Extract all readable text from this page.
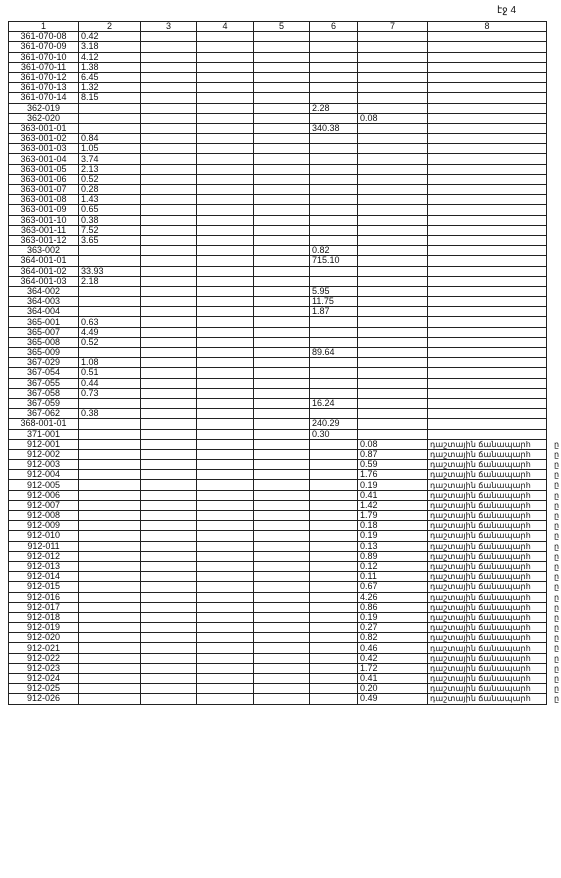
էջ 4
1	2	3	4	5	6	7	8
361-070-08	0.42						
361-070-09	3.18						
361-070-10	4.12						
361-070-11	1.38						
361-070-12	6.45						
361-070-13	1.32						
361-070-14	8.15						
362-019					2.28		
362-020						0.08	
363-001-01					340.38		
363-001-02	0.84						
363-001-03	1.05						
363-001-04	3.74						
363-001-05	2.13						
363-001-06	0.52						
363-001-07	0.28						
363-001-08	1.43						
363-001-09	0.65						
363-001-10	0.38						
363-001-11	7.52						
363-001-12	3.65						
363-002					0.82		
364-001-01					715.10		
364-001-02	33.93						
364-001-03	2.18						
364-002					5.95		
364-003					11.75		
364-004					1.87		
365-001	0.63						
365-007	4.49						
365-008	0.52						
365-009					89.64		
367-029	1.08						
367-054	0.51						
367-055	0.44						
367-058	0.73						
367-059					16.24		
367-062	0.38						
368-001-01					240.29		
371-001					0.30		
912-001						0.08	դաշտային ճանապարհ ը

912-002						0.87	դաշտային ճանապարհ ը

912-003						0.59	դաշտային ճանապարհ ը

912-004						1.76	դաշտային ճանապարհ ը

912-005						0.19	դաշտային ճանապարհ ը

912-006						0.41	դաշտային ճանապարհ ը

912-007						1.42	դաշտային ճանապարհ ը

912-008						1.79	դաշտային ճանապարհ ը

912-009						0.18	դաշտային ճանապարհ ը

912-010						0.19	դաշտային ճանապարհ ը

912-011						0.13	դաշտային ճանապարհ ը

912-012						0.89	դաշտային ճանապարհ ը

912-013						0.12	դաշտային ճանապարհ ը

912-014						0.11	դաշտային ճանապարհ ը

912-015						0.67	դաշտային ճանապարհ ը

912-016						4.26	դաշտային ճանապարհ ը

912-017						0.86	դաշտային ճանապարհ ը

912-018						0.19	դաշտային ճանապարհ ը

912-019						0.27	դաշտային ճանապարհ ը

912-020						0.82	դաշտային ճանապարհ ը

912-021						0.46	դաշտային ճանապարհ ը

912-022						0.42	դաշտային ճանապարհ ը

912-023						1.72	դաշտային ճանապարհ ը

912-024						0.41	դաշտային ճանապարհ ը

912-025						0.20	դաշտային ճանապարհ ը

912-026						0.49	դաշտային ճանապարհ ը
